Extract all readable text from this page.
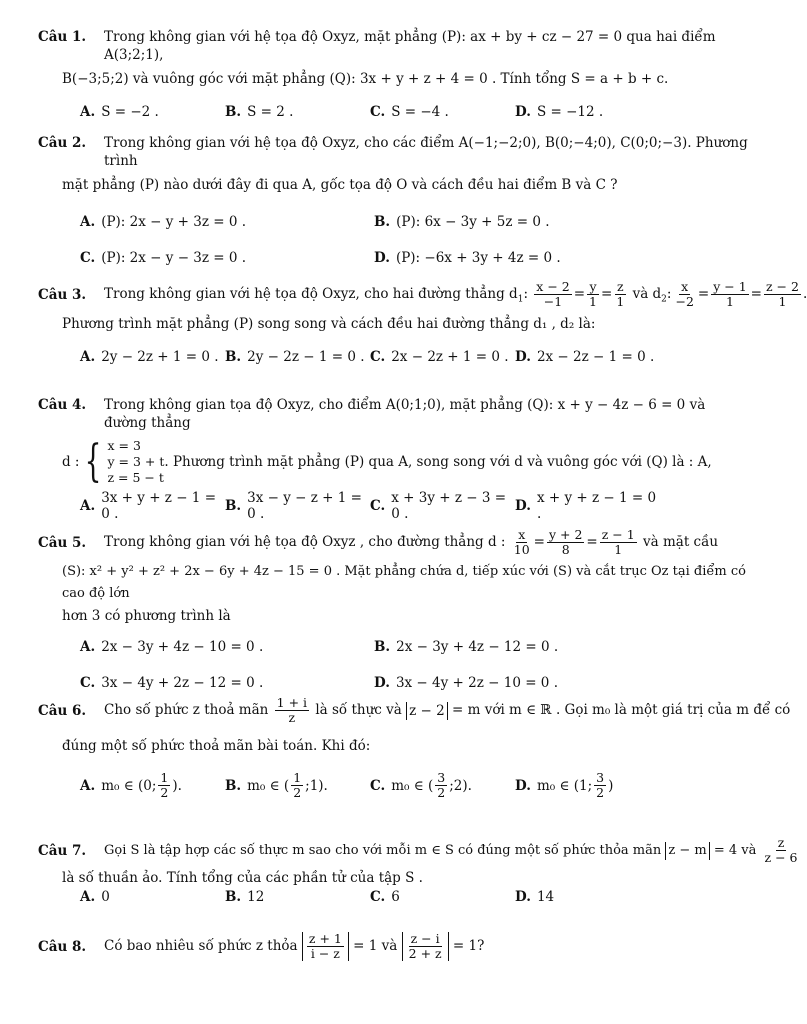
Câu 1.	Trong không gian với hệ tọa độ Oxyz, mặt phẳng (P): ax + by + cz − 27 = 0 qua hai điểm A(3;2;1),
B(−3;5;2) và vuông góc với mặt phẳng (Q): 3x + y + z + 4 = 0 . Tính tổng S = a + b + c.
A. S = −2 .	B. S = 2 .	C. S = −4 .	D. S = −12 .
Câu 2.	Trong không gian với hệ tọa độ Oxyz, cho các điểm A(−1;−2;0), B(0;−4;0), C(0;0;−3). Phương trình
mặt phẳng (P) nào dưới đây đi qua A, gốc tọa độ O và cách đều hai điểm B và C ?
A. (P): 2x − y + 3z = 0 .	B. (P): 6x − 3y + 5z = 0 .
C. (P): 2x − y − 3z = 0 .	D. (P): −6x + 3y + 4z = 0 .
Câu 3.	Trong không gian với hệ tọa độ Oxyz, cho hai đường thẳng $d_1$: $\frac{x - 2}{-1} = \frac{y}{1} = \frac{z}{1}$ và $d_2$: $\frac{x}{-2} = \frac{y - 1}{1} = \frac{z - 2}{1}$ .
Phương trình mặt phẳng (P) song song và cách đều hai đường thẳng d₁ , d₂ là:
A. 2y − 2z + 1 = 0 . B. 2y − 2z − 1 = 0 . C. 2x − 2z + 1 = 0 . D. 2x − 2z − 1 = 0 .
Câu 4.	Trong không gian tọa độ Oxyz, cho điểm A(0;1;0), mặt phẳng (Q): x + y − 4z − 6 = 0 và đường thẳng
d : { x = 3
y = 3 + t
z = 5 − t
. Phương trình mặt phẳng (P) qua A, song song với d và vuông góc với (Q) là : A,
A. 3x + y + z − 1 = 0 .	B. 3x − y − z + 1 = 0 .	C. x + 3y + z − 3 = 0 .	D. x + y + z − 1 = 0 .
Câu 5.	Trong không gian với hệ tọa độ Oxyz , cho đường thẳng d : $\frac{x}{10} = \frac{y + 2}{8} = \frac{z - 1}{1}$ và mặt cầu
(S): x² + y² + z² + 2x − 6y + 4z − 15 = 0 . Mặt phẳng chứa d, tiếp xúc với (S) và cắt trục Oz tại điểm có cao độ lớn
hơn 3 có phương trình là
A. 2x − 3y + 4z − 10 = 0 .	B. 2x − 3y + 4z − 12 = 0 .
C. 3x − 4y + 2z − 12 = 0 .	D. 3x − 4y + 2z − 10 = 0 .
Câu 6.	Cho số phức z thoả mãn $\frac{1 + i}{z}$ là số thực và z − 2 = m với m ∈ ℝ . Gọi m₀ là một giá trị của m để có
đúng một số phức thoả mãn bài toán. Khi đó:
A. m₀ ∈ (0; $\frac{1}{2}$ ).	B. m₀ ∈ ( $\frac{1}{2}$ ;1).	C. m₀ ∈ ( $\frac{3}{2}$ ;2).	D. m₀ ∈ (1; $\frac{3}{2}$ )
Câu 7.	Gọi S là tập hợp các số thực m sao cho với mỗi m ∈ S có đúng một số phức thỏa mãn z − m = 4 và $\frac{z}{z - 6}$
là số thuần ảo. Tính tổng của các phần tử của tập S .
A. 0	B. 12	C. 6	D. 14
Câu 8.	Có bao nhiêu số phức z thỏa $\frac{z + 1}{i - z} = 1$ và $\frac{z - i}{2 + z} = 1$?
